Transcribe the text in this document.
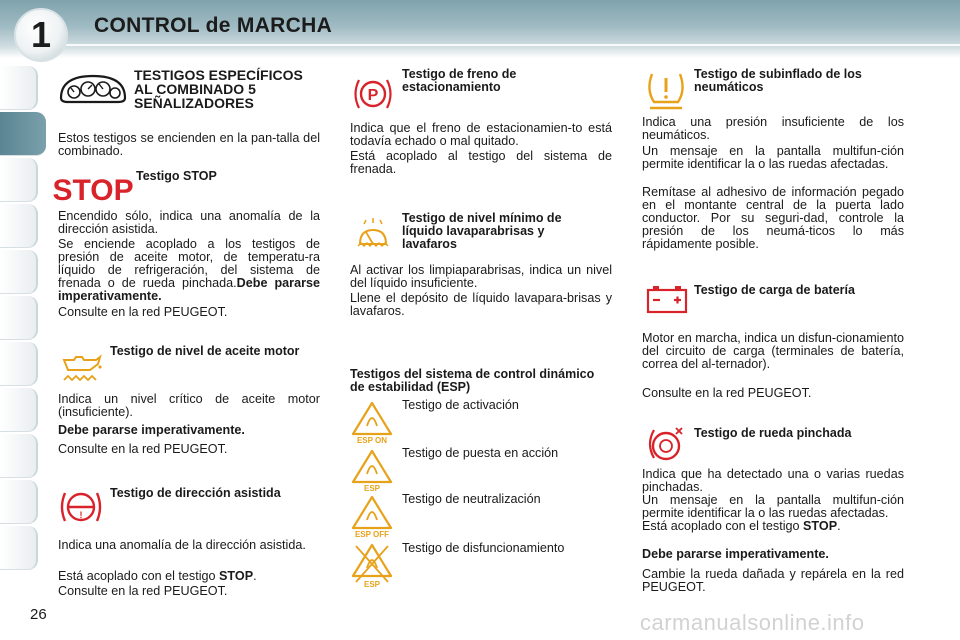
1	CONTROL de MARCHA
TESTIGOS ESPECÍFICOS AL COMBINADO 5 SEÑALIZADORES
Estos testigos se encienden en la pan-talla del combinado.
STOP Testigo STOP
Encendido sólo, indica una anomalía de la dirección asistida.
Se enciende acoplado a los testigos de presión de aceite motor, de temperatu-ra líquido de refrigeración, del sistema de frenada o de rueda pinchada.Debe pararse imperativamente.
Consulte en la red PEUGEOT.
Testigo de nivel de aceite motor
Indica un nivel crítico de aceite motor (insuficiente).
Debe pararse imperativamente.
Consulte en la red PEUGEOT.
!
Testigo de dirección asistida
Indica una anomalía de la dirección asistida.
Está acoplado con el testigo STOP.
Consulte en la red PEUGEOT.
P
Testigo de freno de estacionamiento
Indica que el freno de estacionamien-to está todavía echado o mal quitado.
Está acoplado al testigo del sistema de frenada.
Testigo de nivel mínimo de líquido lavaparabrisas y lavafaros
Al activar los limpiaparabrisas, indica un nivel del líquido insuficiente.
Llene el depósito de líquido lavapara-brisas y lavafaros.
Testigos del sistema de control dinámico de estabilidad (ESP)
ESP ON
Testigo de activación
ESP
Testigo de puesta en acción
ESP OFF
Testigo de neutralización
ESP
Testigo de disfuncionamiento
Testigo de subinflado de los neumáticos
Indica una presión insuficiente de los neumáticos.
Un mensaje en la pantalla multifun-ción permite identificar la o las ruedas afectadas.
Remítase al adhesivo de información pegado en el montante central de la puerta lado conductor. Por su seguri-dad, controle la presión de los neumá-ticos lo más rápidamente posible.
Testigo de carga de batería
Motor en marcha, indica un disfun-cionamiento del circuito de carga (terminales de batería, correa del al-ternador).
Consulte en la red PEUGEOT.
Testigo de rueda pinchada
Indica que ha detectado una o varias ruedas pinchadas.
Un mensaje en la pantalla multifun-ción permite identificar la o las ruedas afectadas.
Está acoplado con el testigo STOP.
Debe pararse imperativamente.
Cambie la rueda dañada y repárela en la red PEUGEOT.
26	carmanualsonline.info
